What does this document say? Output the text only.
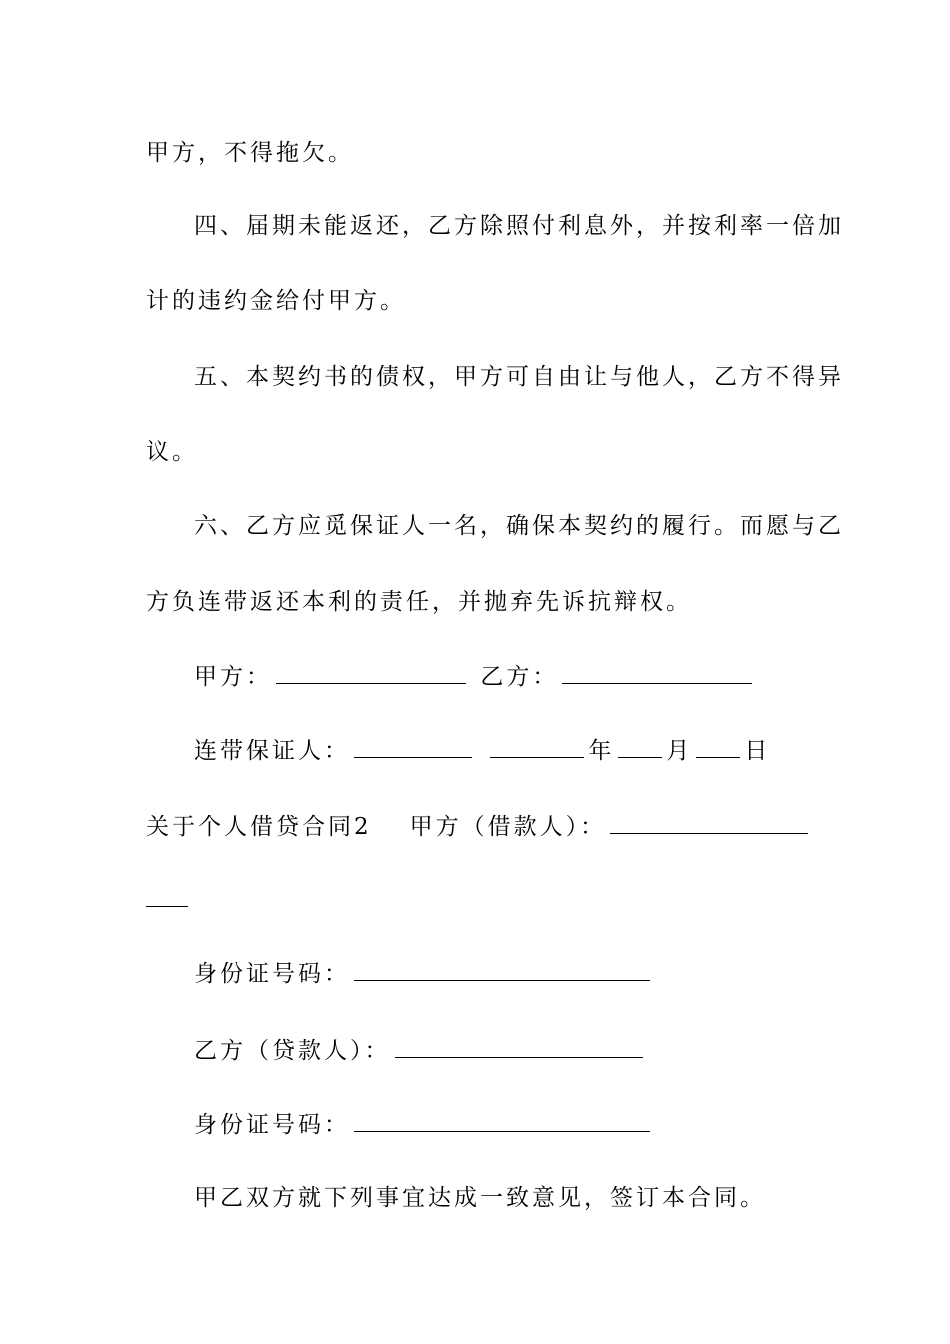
甲方，不得拖欠。
四、届期未能返还，乙方除照付利息外，并按利率一倍加
计的违约金给付甲方。
五、本契约书的债权，甲方可自由让与他人，乙方不得异
议。
六、乙方应觅保证人一名，确保本契约的履行。而愿与乙
方负连带返还本利的责任，并抛弃先诉抗辩权。
甲方：	乙方：
连带保证人：	年 月 日
关于个人借贷合同2 甲方（借款人）：
身份证号码：
乙方（贷款人）：
身份证号码：
甲乙双方就下列事宜达成一致意见，签订本合同。
